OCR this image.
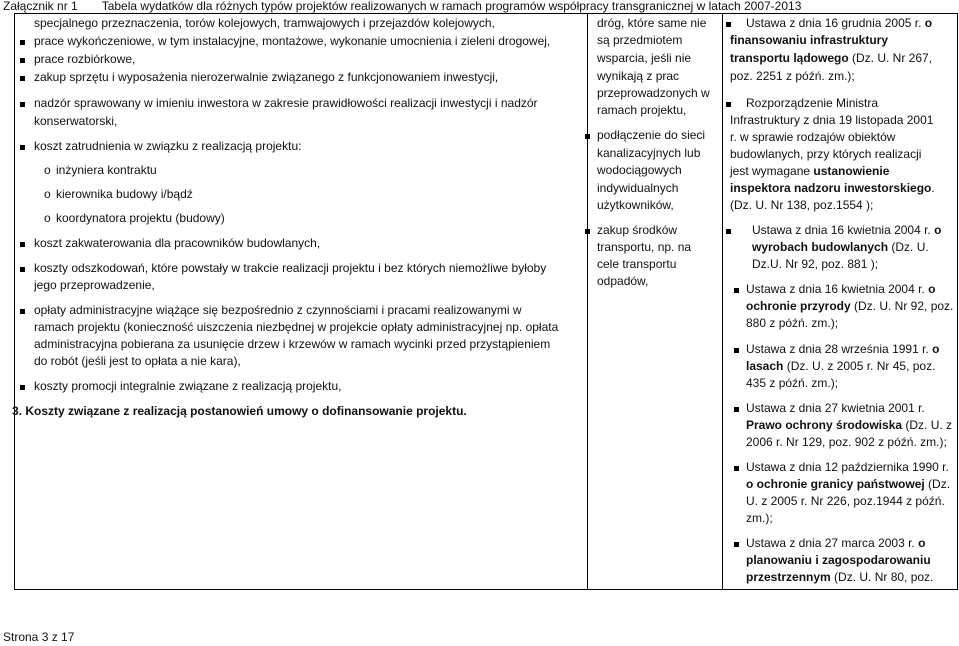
Załącznik nr 1 Tabela wydatków dla różnych typów projektów realizowanych w ramach programów współpracy transgranicznej w latach 2007-2013
specjalnego przeznaczenia, torów kolejowych, tramwajowych i przejazdów kolejowych,
prace wykończeniowe, w tym instalacyjne, montażowe, wykonanie umocnienia i zieleni drogowej,
prace rozbiórkowe,
zakup sprzętu i wyposażenia nierozerwalnie związanego z funkcjonowaniem inwestycji,
nadzór sprawowany w imieniu inwestora w zakresie prawidłowości realizacji inwestycji i nadzór
konserwatorski,
koszt zatrudnienia w związku z realizacją projektu:
o inżyniera kontraktu
o kierownika budowy i/bądź
o koordynatora projektu (budowy)
koszt zakwaterowania dla pracowników budowlanych,
koszty odszkodowań, które powstały w trakcie realizacji projektu i bez których niemożliwe byłoby
jego przeprowadzenie,
opłaty administracyjne wiążące się bezpośrednio z czynnościami i pracami realizowanymi w
ramach projektu (konieczność uiszczenia niezbędnej w projekcie opłaty administracyjnej np. opłata
administracyjna pobierana za usunięcie drzew i krzewów w ramach wycinki przed przystąpieniem
do robót (jeśli jest to opłata a nie kara),
koszty promocji integralnie związane z realizacją projektu,
3. Koszty związane z realizacją postanowień umowy o dofinansowanie projektu.
dróg, które same nie
są przedmiotem
wsparcia, jeśli nie
wynikają z prac
przeprowadzonych w
ramach projektu,
podłączenie do sieci
kanalizacyjnych lub
wodociągowych
indywidualnych
użytkowników,
zakup środków
transportu, np. na
cele transportu
odpadów,
Ustawa z dnia 16 grudnia 2005 r. o
finansowaniu infrastruktury
transportu lądowego (Dz. U. Nr 267,
poz. 2251 z późń. zm.);
Rozporządzenie Ministra
Infrastruktury z dnia 19 listopada 2001
r. w sprawie rodzajów obiektów
budowlanych, przy których realizacji
jest wymagane ustanowienie
inspektora nadzoru inwestorskiego.
(Dz. U. Nr 138, poz.1554 );
Ustawa z dnia 16 kwietnia 2004 r. o
wyrobach budowlanych (Dz. U.
Dz.U. Nr 92, poz. 881 );
Ustawa z dnia 16 kwietnia 2004 r. o
ochronie przyrody (Dz. U. Nr 92, poz.
880 z późń. zm.);
Ustawa z dnia 28 września 1991 r. o
lasach (Dz. U. z 2005 r. Nr 45, poz.
435 z późń. zm.);
Ustawa z dnia 27 kwietnia 2001 r.
Prawo ochrony środowiska (Dz. U. z
2006 r. Nr 129, poz. 902 z późń. zm.);
Ustawa z dnia 12 października 1990 r.
o ochronie granicy państwowej (Dz.
U. z 2005 r. Nr 226, poz.1944 z późń.
zm.);
Ustawa z dnia 27 marca 2003 r. o
planowaniu i zagospodarowaniu
przestrzennym (Dz. U. Nr 80, poz.
Strona 3 z 17
